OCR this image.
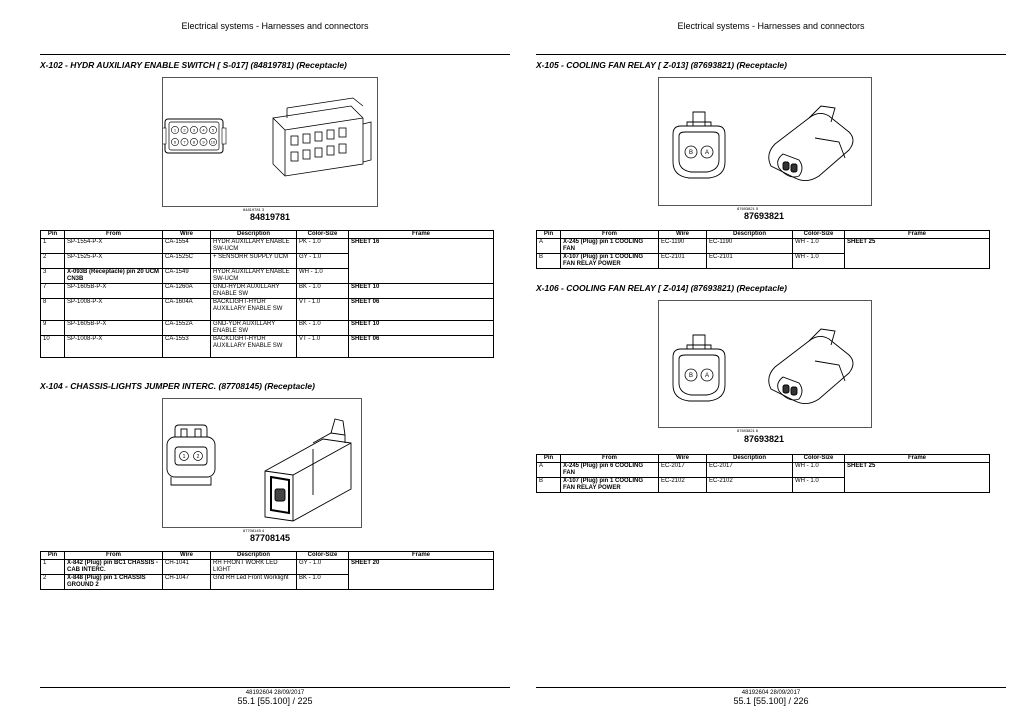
Electrical systems - Harnesses and connectors
X-102 - HYDR AUXILIARY ENABLE SWITCH [ S-017] (84819781) (Receptacle)
1 2 3 4 5
6 7 8 9 10
84819781 3
84819781
Pin	From	Wire	Description	Color-Size	Frame
1	SP-1554-P-X	CA-1554	HYDR AUXILLARY ENABLE SW-UCM	PK - 1.0	SHEET 16
2	SP-1525-P-X	CA-1525C	+ SENSORR SUPPLY UCM	GY - 1.0	
3	X-093B (Receptacle) pin 20 UCM CN3B	CA-1549	HYDR AUXILLARY ENABLE SW-UCM	WH - 1.0	
7	SP-1605B-P-X	CA-1260A	GND-HYDR AUXILLARY ENABLE SW	BK - 1.0	SHEET 10
8	SP-1008-P-X	CA-1604A	BACKLIGHT-HYDR AUXILLARY ENABLE SW	VT - 1.0	SHEET 06
9	SP-1605B-P-X	CA-1552A	GND-YDR AUXILLARY ENABLE SW	BK - 1.0	SHEET 10
10	SP-1008-P-X	CA-1553	BACKLIGHT-HYDR AUXILLARY ENABLE SW	VT - 1.0	SHEET 06
X-104 - CHASSIS-LIGHTS JUMPER INTERC. (87708145) (Receptacle)
1 2
87708145 4
87708145
Pin	From	Wire	Description	Color-Size	Frame
1	X-842 (Plug) pin BC1 CHASSIS - CAB INTERC.	CH-1041	RH FRONT WORK LED LIGHT	GY - 1.0	SHEET 20
2	X-848 (Plug) pin 1 CHASSIS GROUND 2	CH-1047	Gnd RH Led Front Worklight	BK - 1.0	
48192604 28/09/2017
55.1 [55.100] / 225
Electrical systems - Harnesses and connectors
X-105 - COOLING FAN RELAY [ Z-013] (87693821) (Receptacle)
B A
87693821 5
87693821
Pin	From	Wire	Description	Color-Size	Frame
A	X-245 (Plug) pin 1 COOLING FAN	EC-1190	EC-1190	WH - 1.0	SHEET 25
B	X-107 (Plug) pin 1 COOLING FAN RELAY POWER	EC-2101	EC-2101	WH - 1.0	
X-106 - COOLING FAN RELAY [ Z-014] (87693821) (Receptacle)
B A
87693821 6
87693821
Pin	From	Wire	Description	Color-Size	Frame
A	X-245 (Plug) pin 6 COOLING FAN	EC-2017	EC-2017	WH - 1.0	SHEET 25
B	X-107 (Plug) pin 1 COOLING FAN RELAY POWER	EC-2102	EC-2102	WH - 1.0	
48192604 28/09/2017
55.1 [55.100] / 226
